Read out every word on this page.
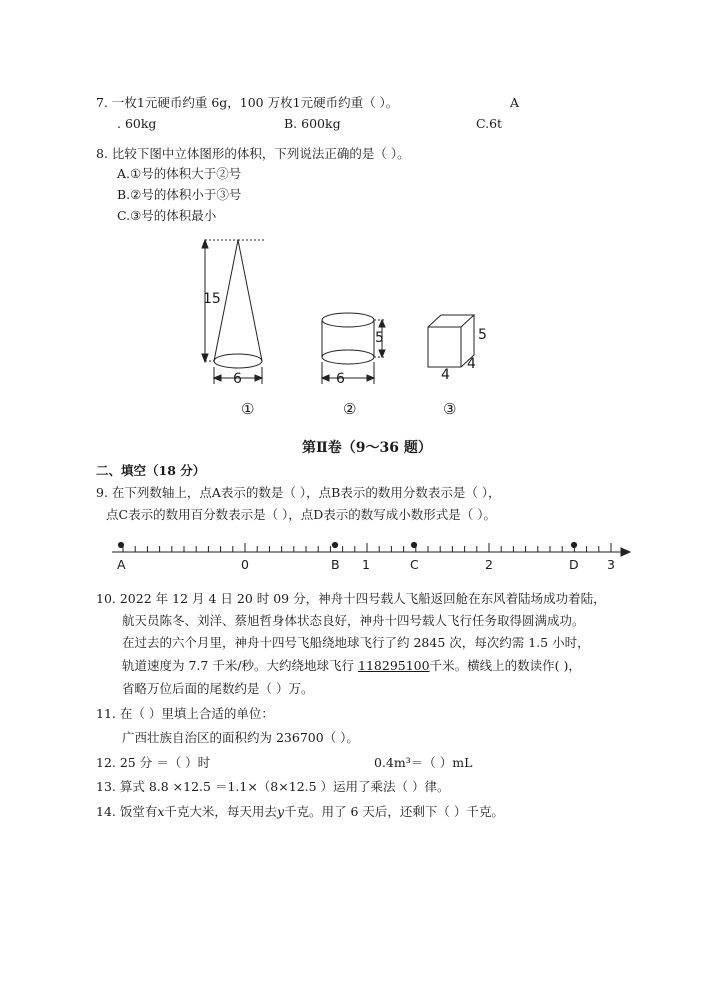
7. 一枚1元硬币约重 6g，100 万枚1元硬币约重（ ）。	A
. 60kg	B. 600kg	C.6t
8. 比较下图中立体图形的体积，下列说法正确的是（ ）。
A.①号的体积大于②号
B.②号的体积小于③号
C.③号的体积最小
15
6
5
6
5
4
4
①	②	③
第Ⅱ卷（9～36 题）
二、填空（18 分）
9. 在下列数轴上，点A表示的数是（ ），点B表示的数用分数表示是（ ），
点C表示的数用百分数表示是（ ），点D表示的数写成小数形式是（ ）。
A	B	C	D
0	1	2	3
10. 2022 年 12 月 4 日 20 时 09 分，神舟十四号载人飞船返回舱在东风着陆场成功着陆，
航天员陈冬、刘洋、蔡旭哲身体状态良好，神舟十四号载人飞行任务取得圆满成功。
在过去的六个月里，神舟十四号飞船绕地球飞行了约 2845 次，每次约需 1.5 小时，
轨道速度为 7.7 千米/秒。大约绕地球飞行 118295100千米。横线上的数读作( )，
省略万位后面的尾数约是（ ）万。
11. 在（ ）里填上合适的单位：
广西壮族自治区的面积约为 236700（ ）。
12. 25 分 ＝（ ）时	0.4m³＝（ ）mL
13. 算式 8.8 ×12.5 ＝1.1×（8×12.5 ）运用了乘法（ ）律。
14. 饭堂有x千克大米，每天用去y千克。用了 6 天后，还剩下（ ）千克。
